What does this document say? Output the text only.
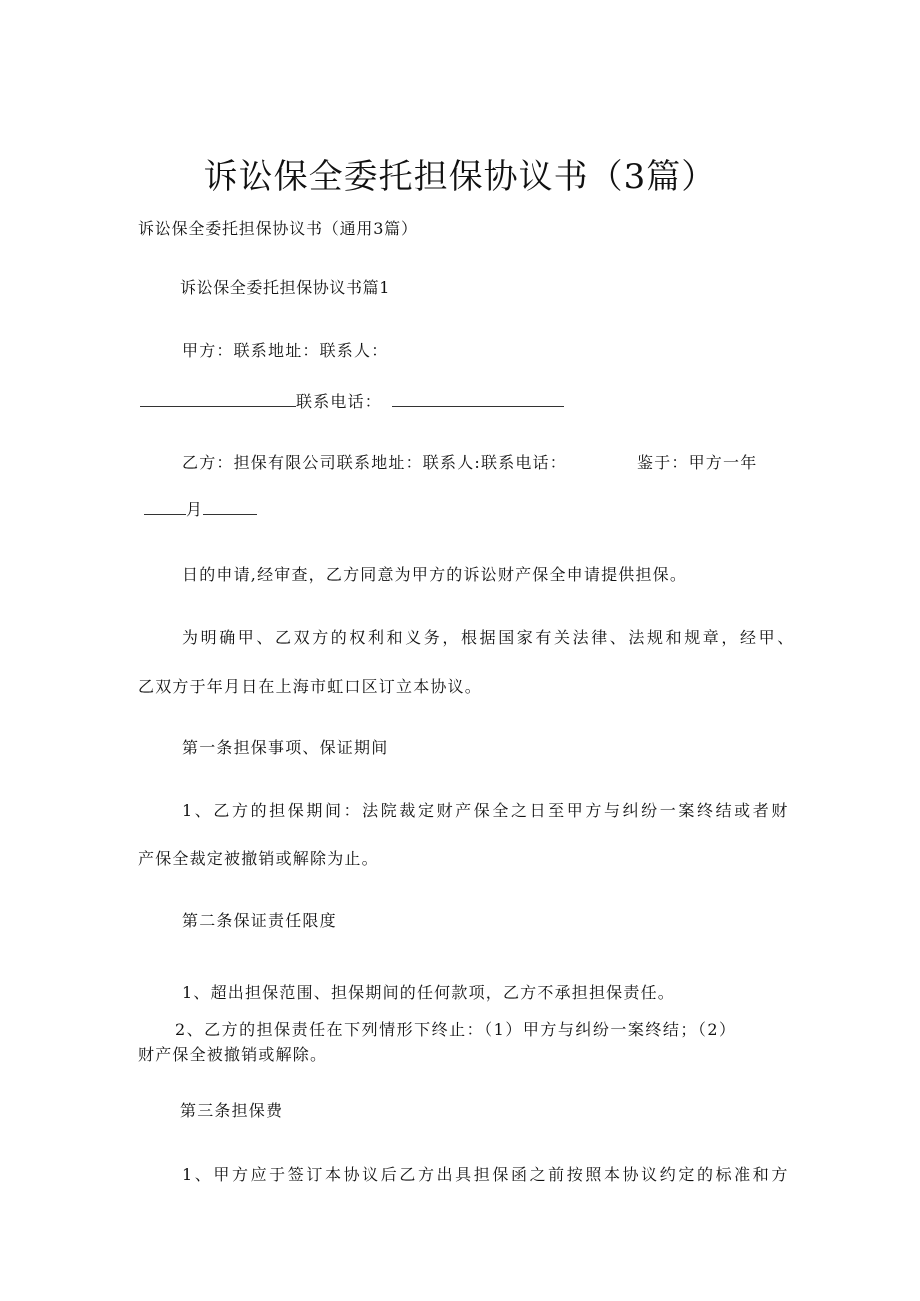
诉讼保全委托担保协议书（3篇）
诉讼保全委托担保协议书（通用3篇）
诉讼保全委托担保协议书篇1
甲方：联系地址：联系人：
联系电话：
乙方：担保有限公司联系地址：联系人:联系电话：	鉴于：甲方一年
月
日的申请,经审查，乙方同意为甲方的诉讼财产保全申请提供担保。
为明确甲、乙双方的权利和义务，根据国家有关法律、法规和规章，经甲、
乙双方于年月日在上海市虹口区订立本协议。
第一条担保事项、保证期间
1、乙方的担保期间：法院裁定财产保全之日至甲方与纠纷一案终结或者财
产保全裁定被撤销或解除为止。
第二条保证责任限度
1、超出担保范围、担保期间的任何款项，乙方不承担担保责任。
2、乙方的担保责任在下列情形下终止：（1）甲方与纠纷一案终结；（2）
财产保全被撤销或解除。
第三条担保费
1、甲方应于签订本协议后乙方出具担保函之前按照本协议约定的标准和方
